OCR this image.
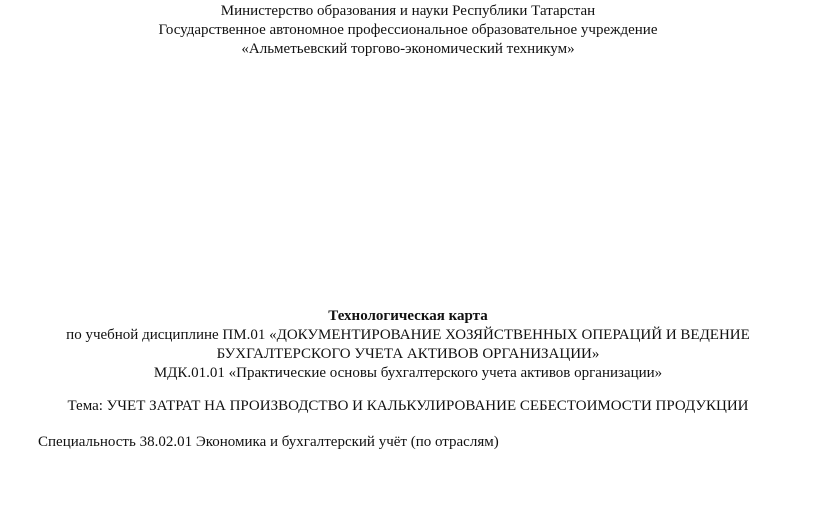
Министерство образования и науки Республики Татарстан
Государственное автономное профессиональное образовательное учреждение
«Альметьевский торгово-экономический техникум»
Технологическая карта
по учебной дисциплине ПМ.01 «ДОКУМЕНТИРОВАНИЕ ХОЗЯЙСТВЕННЫХ ОПЕРАЦИЙ И ВЕДЕНИЕ
БУХГАЛТЕРСКОГО УЧЕТА АКТИВОВ ОРГАНИЗАЦИИ»
МДК.01.01 «Практические основы бухгалтерского учета активов организации»
Тема: УЧЕТ ЗАТРАТ НА ПРОИЗВОДСТВО И КАЛЬКУЛИРОВАНИЕ СЕБЕСТОИМОСТИ ПРОДУКЦИИ
Специальность 38.02.01 Экономика и бухгалтерский учёт (по отраслям)
